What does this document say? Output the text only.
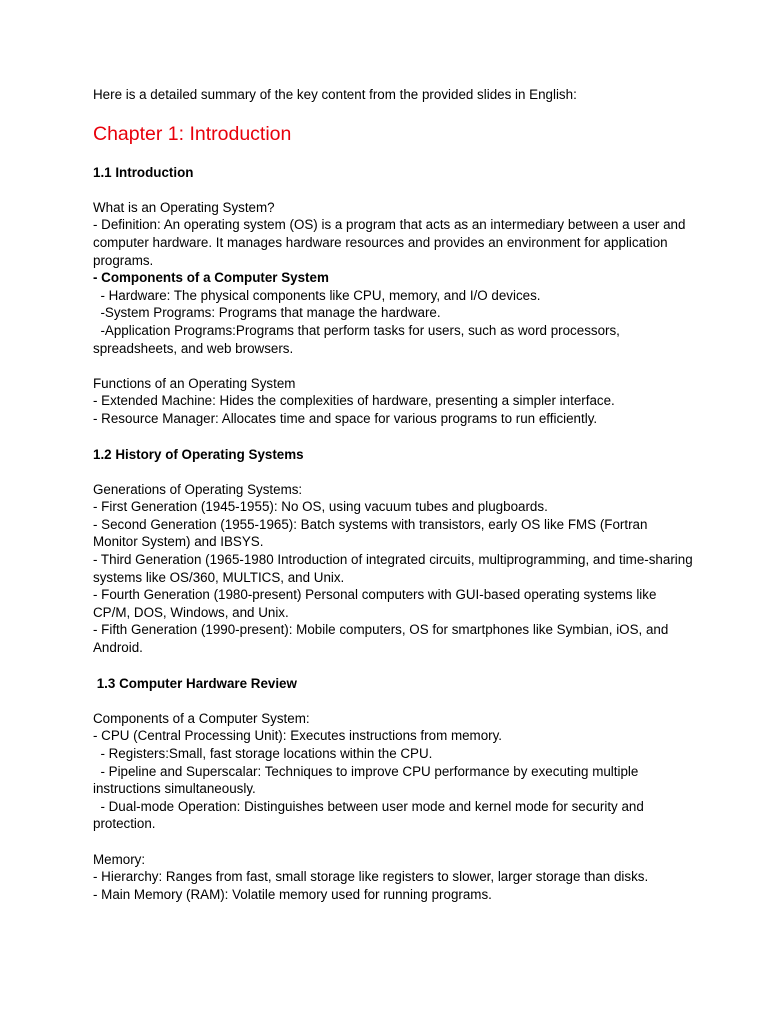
Here is a detailed summary of the key content from the provided slides in English:
Chapter 1: Introduction
1.1 Introduction
What is an Operating System?
- Definition: An operating system (OS) is a program that acts as an intermediary between a user and computer hardware. It manages hardware resources and provides an environment for application programs.
- Components of a Computer System
- Hardware: The physical components like CPU, memory, and I/O devices.
-System Programs: Programs that manage the hardware.
-Application Programs:Programs that perform tasks for users, such as word processors, spreadsheets, and web browsers.
Functions of an Operating System
- Extended Machine: Hides the complexities of hardware, presenting a simpler interface.
- Resource Manager: Allocates time and space for various programs to run efficiently.
1.2 History of Operating Systems
Generations of Operating Systems:
- First Generation (1945-1955): No OS, using vacuum tubes and plugboards.
- Second Generation (1955-1965): Batch systems with transistors, early OS like FMS (Fortran Monitor System) and IBSYS.
- Third Generation (1965-1980 Introduction of integrated circuits, multiprogramming, and time-sharing systems like OS/360, MULTICS, and Unix.
- Fourth Generation (1980-present) Personal computers with GUI-based operating systems like CP/M, DOS, Windows, and Unix.
- Fifth Generation (1990-present): Mobile computers, OS for smartphones like Symbian, iOS, and Android.
1.3 Computer Hardware Review
Components of a Computer System:
- CPU (Central Processing Unit): Executes instructions from memory.
- Registers:Small, fast storage locations within the CPU.
- Pipeline and Superscalar: Techniques to improve CPU performance by executing multiple instructions simultaneously.
- Dual-mode Operation: Distinguishes between user mode and kernel mode for security and protection.
Memory:
- Hierarchy: Ranges from fast, small storage like registers to slower, larger storage than disks.
- Main Memory (RAM): Volatile memory used for running programs.
